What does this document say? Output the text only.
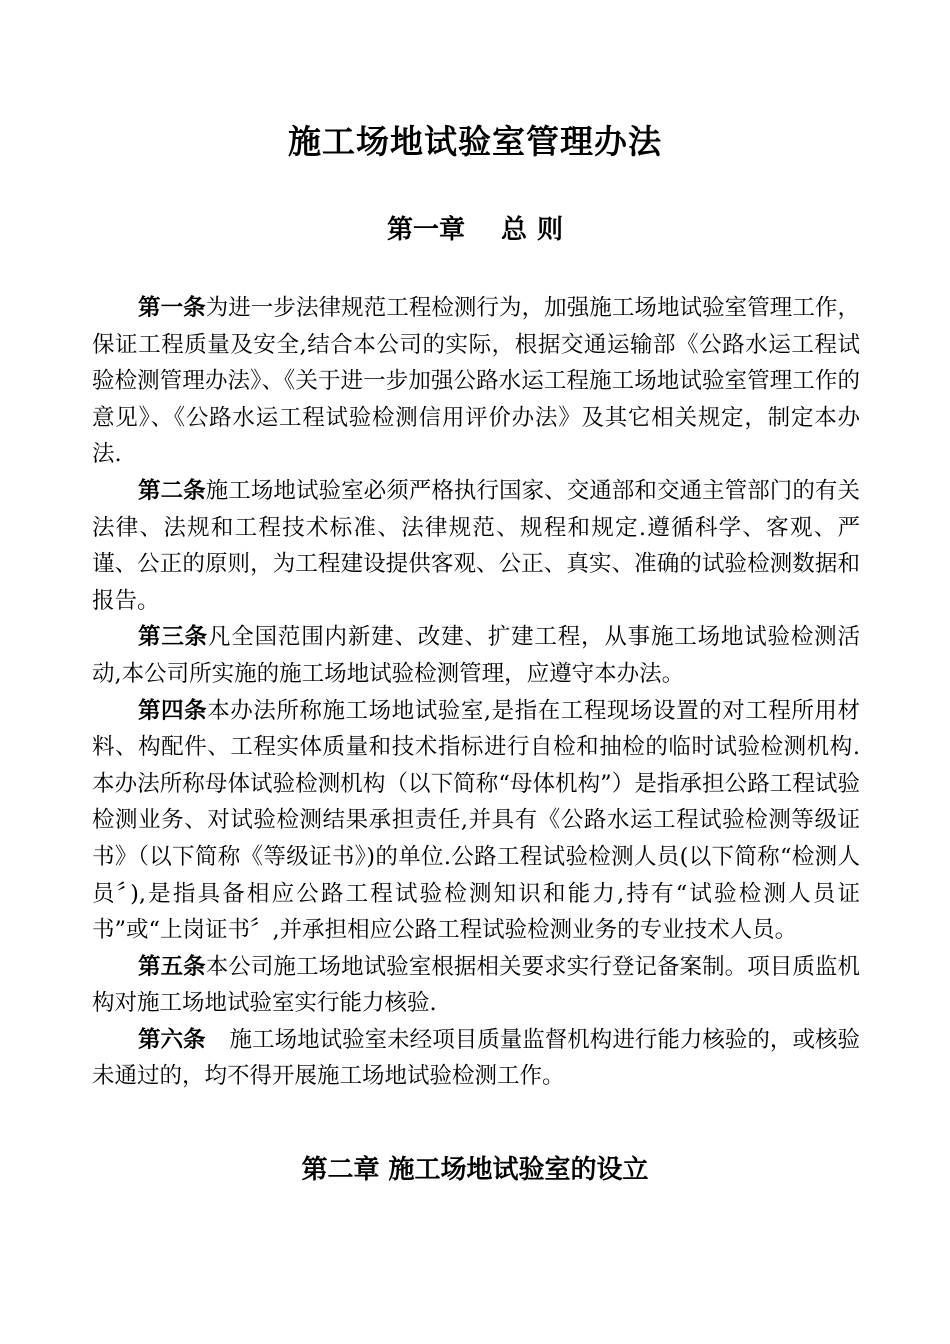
施工场地试验室管理办法
第一章 总 则

第一条为进一步法律规范工程检测行为，加强施工场地试验室管理工作，保证工程质量及安全,结合本公司的实际，根据交通运输部《公路水运工程试验检测管理办法》、《关于进一步加强公路水运工程施工场地试验室管理工作的意见》、《公路水运工程试验检测信用评价办法》及其它相关规定，制定本办法.

第二条施工场地试验室必须严格执行国家、交通部和交通主管部门的有关法律、法规和工程技术标准、法律规范、规程和规定.遵循科学、客观、严谨、公正的原则，为工程建设提供客观、公正、真实、准确的试验检测数据和报告。

第三条凡全国范围内新建、改建、扩建工程，从事施工场地试验检测活动,本公司所实施的施工场地试验检测管理，应遵守本办法。

第四条本办法所称施工场地试验室,是指在工程现场设置的对工程所用材料、构配件、工程实体质量和技术指标进行自检和抽检的临时试验检测机构.本办法所称母体试验检测机构（以下简称“母体机构”）是指承担公路工程试验检测业务、对试验检测结果承担责任,并具有《公路水运工程试验检测等级证书》（以下简称《等级证书》)的单位.公路工程试验检测人员(以下简称“检测人员〞),是指具备相应公路工程试验检测知识和能力,持有“试验检测人员证书”或“上岗证书〞,并承担相应公路工程试验检测业务的专业技术人员。

第五条本公司施工场地试验室根据相关要求实行登记备案制。项目质监机构对施工场地试验室实行能力核验.

第六条 施工场地试验室未经项目质量监督机构进行能力核验的，或核验未通过的，均不得开展施工场地试验检测工作。

第二章 施工场地试验室的设立
